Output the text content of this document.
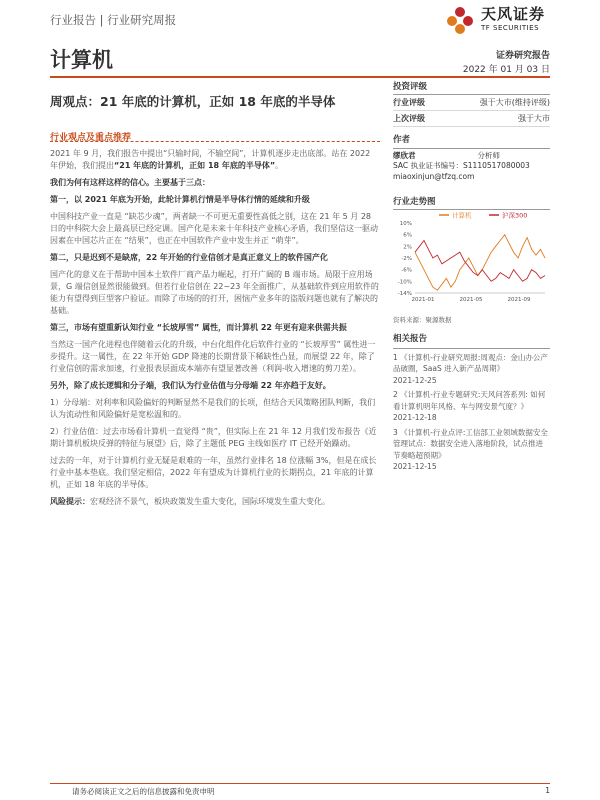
行业报告 | 行业研究周报	天风证券
TF SECURITIES
计算机	证券研究报告
2022 年 01 月 03 日
周观点：21 年底的计算机，正如 18 年底的半导体
行业观点及重点推荐

2021 年 9 月，我们报告中提出“只输时间，不输空间”，计算机逐步走出底部。站在 2022 年伊始，我们提出“21 年底的计算机，正如 18 年底的半导体”。

我们为何有这样这样的信心。主要基于三点：

第一，以 2021 年底为开始，此轮计算机行情是半导体行情的延续和升级

中国科技产业一直是 “缺芯少魂”，两者缺一不可更无重要性高低之别，这在 21 年 5 月 28 日的中科院大会上最高层已经定调。国产化是未来十年科技产业核心矛盾，我们坚信这一驱动因素在中国芯片正在 “结果”，也正在中国软件产业中发生并正 “萌芽”。

第二，只是迟到不是缺席，22 年开始的行业信创才是真正意义上的软件国产化

国产化的意义在于帮助中国本土软件厂商产品力崛起，打开广阔的 B 端市场。局限于应用场景，G 端信创显然很能做到。但若行业信创在 22~23 年全面推广，从基础软件到应用软件的能力有望得到巨型客户验证。而除了市场的的打开，困恼产业多年的盗版问题也就有了解决的基础。

第三，市场有望重新认知行业 “长坡厚雪” 属性，而计算机 22 年更有迎来供需共振

当然这一国产化进程也伴随着云化的升级，中台化组件化后软件行业的 “长坡厚雪” 属性进一步提升。这一属性，在 22 年开始 GDP 降速的长期背景下稀缺性凸显，而展望 22 年，除了行业信创的需求加速，行业报表层面成本端亦有望显著改善（利润-收入增速的剪刀差）。

另外，除了成长逻辑和分子端，我们认为行业估值与分母端 22 年亦趋于友好。

1）分母端：对利率和风险偏好的判断显然不是我们的长项，但结合天风策略团队判断，我们认为流动性和风险偏好是宽松温和的。

2）行业估值：过去市场看计算机一直觉得 “贵”，但实际上在 21 年 12 月我们发布报告《近期计算机板块反弹的特征与展望》后，除了主题低 PEG 主线如医疗 IT 已经开始躁动。

过去的一年，对于计算机行业无疑是艰难的一年，虽然行业排名 18 位涨幅 3%，但是在成长行业中基本垫底。我们坚定相信，2022 年有望成为计算机行业的长期拐点，21 年底的计算机，正如 18 年底的半导体。

风险提示：宏观经济不景气，板块政策发生重大变化，国际环境发生重大变化。

投资评级
行业评级	强于大市(维持评级)
上次评级	强于大市
作者
缪欣君	分析师
SAC 执业证书编号：S1110517080003
miaoxinjun@tfzq.com
行业走势图
计算机	沪深300
10%
6%
2%
-2%
-6%
-10%
-14%
2021-01	2021-05	2021-09
资料来源：聚源数据
相关报告
1 《计算机-行业研究周报:周观点：金山办公产品破圈，SaaS 进入新产品周期》
2021-12-25
2 《计算机-行业专题研究:天风问答系列: 如何看计算机明年风格、车与网安景气度？》
2021-12-18
3 《计算机-行业点评:工信部工业领域数据安全管理试点：数据安全进入落地阶段，试点推进节奏略超预期》
2021-12-15
请务必阅读正文之后的信息披露和免责申明	1
